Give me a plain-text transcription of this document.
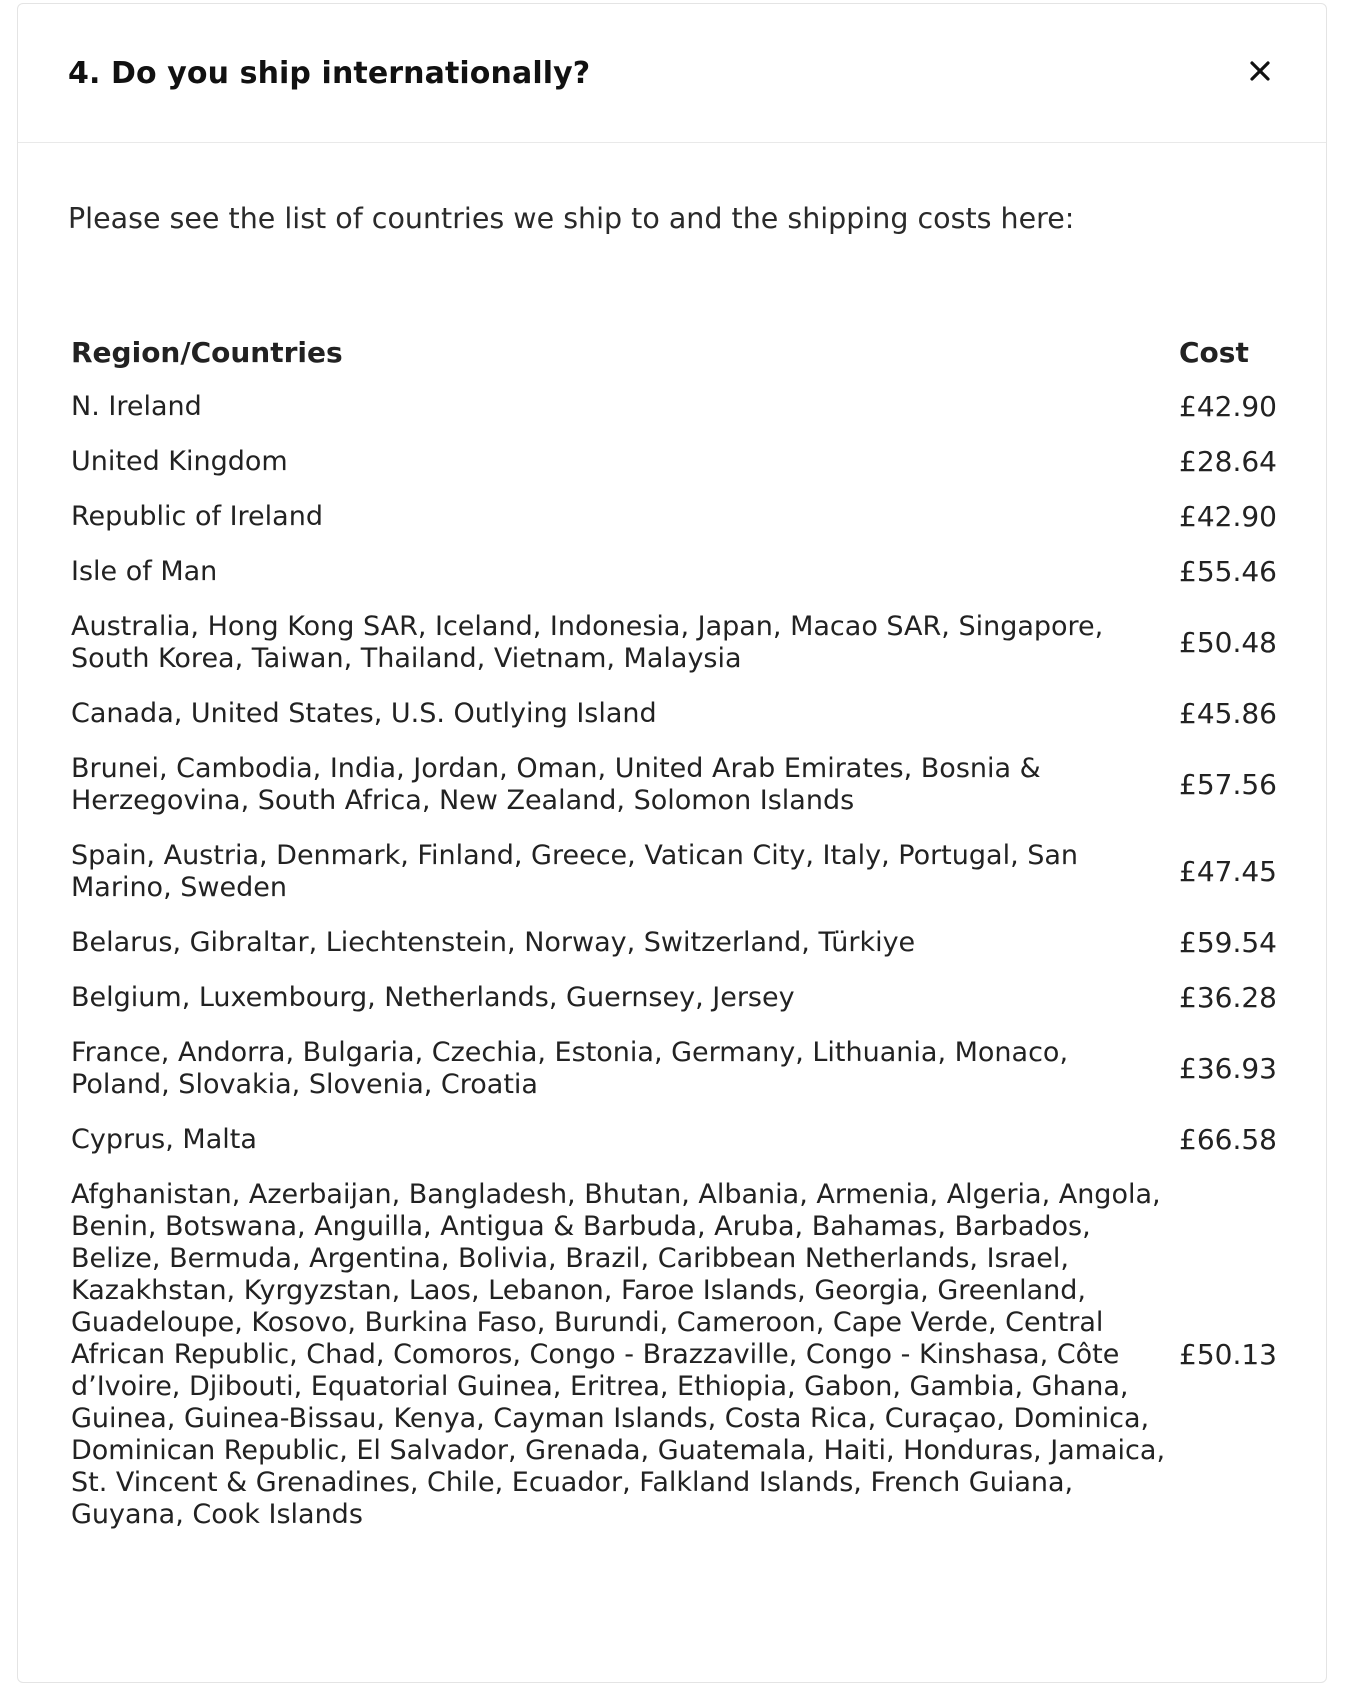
4. Do you ship internationally?

Please see the list of countries we ship to and the shipping costs here:

Region/Countries	Cost
N. Ireland	£42.90
United Kingdom	£28.64
Republic of Ireland	£42.90
Isle of Man	£55.46
Australia, Hong Kong SAR, Iceland, Indonesia, Japan, Macao SAR, Singapore, South Korea, Taiwan, Thailand, Vietnam, Malaysia	£50.48
Canada, United States, U.S. Outlying Island	£45.86
Brunei, Cambodia, India, Jordan, Oman, United Arab Emirates, Bosnia & Herzegovina, South Africa, New Zealand, Solomon Islands	£57.56
Spain, Austria, Denmark, Finland, Greece, Vatican City, Italy, Portugal, San Marino, Sweden	£47.45
Belarus, Gibraltar, Liechtenstein, Norway, Switzerland, Türkiye	£59.54
Belgium, Luxembourg, Netherlands, Guernsey, Jersey	£36.28
France, Andorra, Bulgaria, Czechia, Estonia, Germany, Lithuania, Monaco, Poland, Slovakia, Slovenia, Croatia	£36.93
Cyprus, Malta	£66.58
Afghanistan, Azerbaijan, Bangladesh, Bhutan, Albania, Armenia, Algeria, Angola, Benin, Botswana, Anguilla, Antigua & Barbuda, Aruba, Bahamas, Barbados, Belize, Bermuda, Argentina, Bolivia, Brazil, Caribbean Netherlands, Israel, Kazakhstan, Kyrgyzstan, Laos, Lebanon, Faroe Islands, Georgia, Greenland, Guadeloupe, Kosovo, Burkina Faso, Burundi, Cameroon, Cape Verde, Central African Republic, Chad, Comoros, Congo - Brazzaville, Congo - Kinshasa, Côte d’Ivoire, Djibouti, Equatorial Guinea, Eritrea, Ethiopia, Gabon, Gambia, Ghana, Guinea, Guinea-Bissau, Kenya, Cayman Islands, Costa Rica, Curaçao, Dominica, Dominican Republic, El Salvador, Grenada, Guatemala, Haiti, Honduras, Jamaica, St. Vincent & Grenadines, Chile, Ecuador, Falkland Islands, French Guiana, Guyana, Cook Islands	£50.13
